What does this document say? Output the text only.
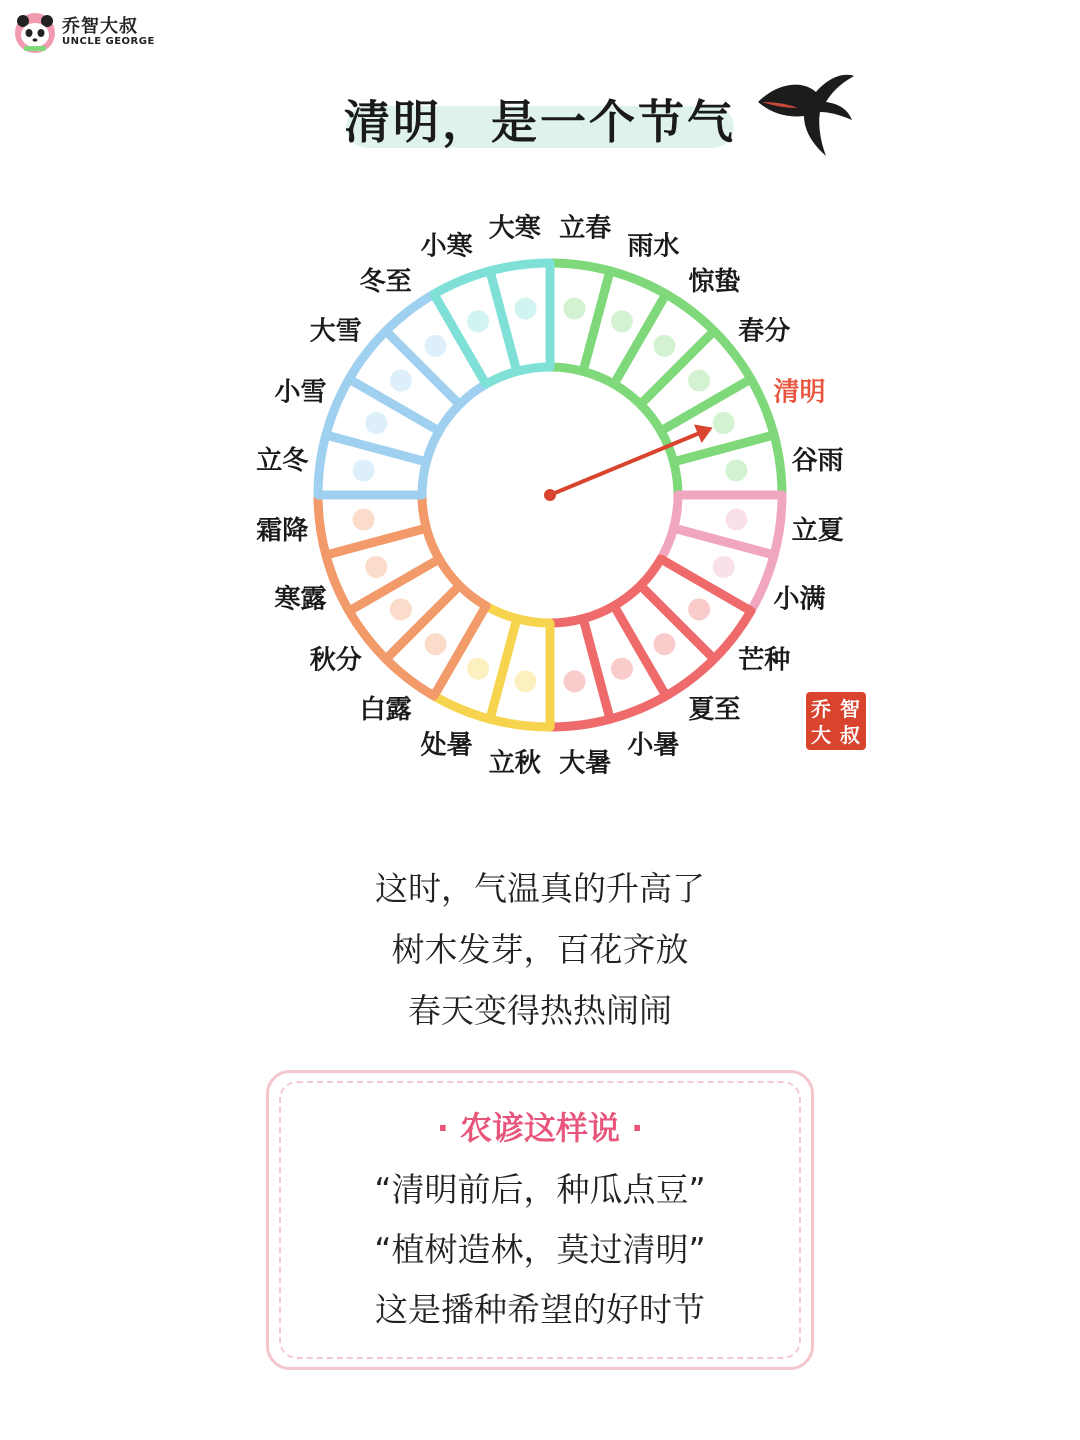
乔智大叔
UNCLE GEORGE
清明，是一个节气
立春
雨水
惊蛰
春分
清明
谷雨
立夏
小满
芒种
夏至
小暑
大暑
立秋
处暑
白露
秋分
寒露
霜降
立冬
小雪
大雪
冬至
小寒
大寒
乔 智
大 叔
这时，气温真的升高了
树木发芽，百花齐放
春天变得热热闹闹
· 农谚这样说 ·
“清明前后，种瓜点豆”
“植树造林，莫过清明”
这是播种希望的好时节
